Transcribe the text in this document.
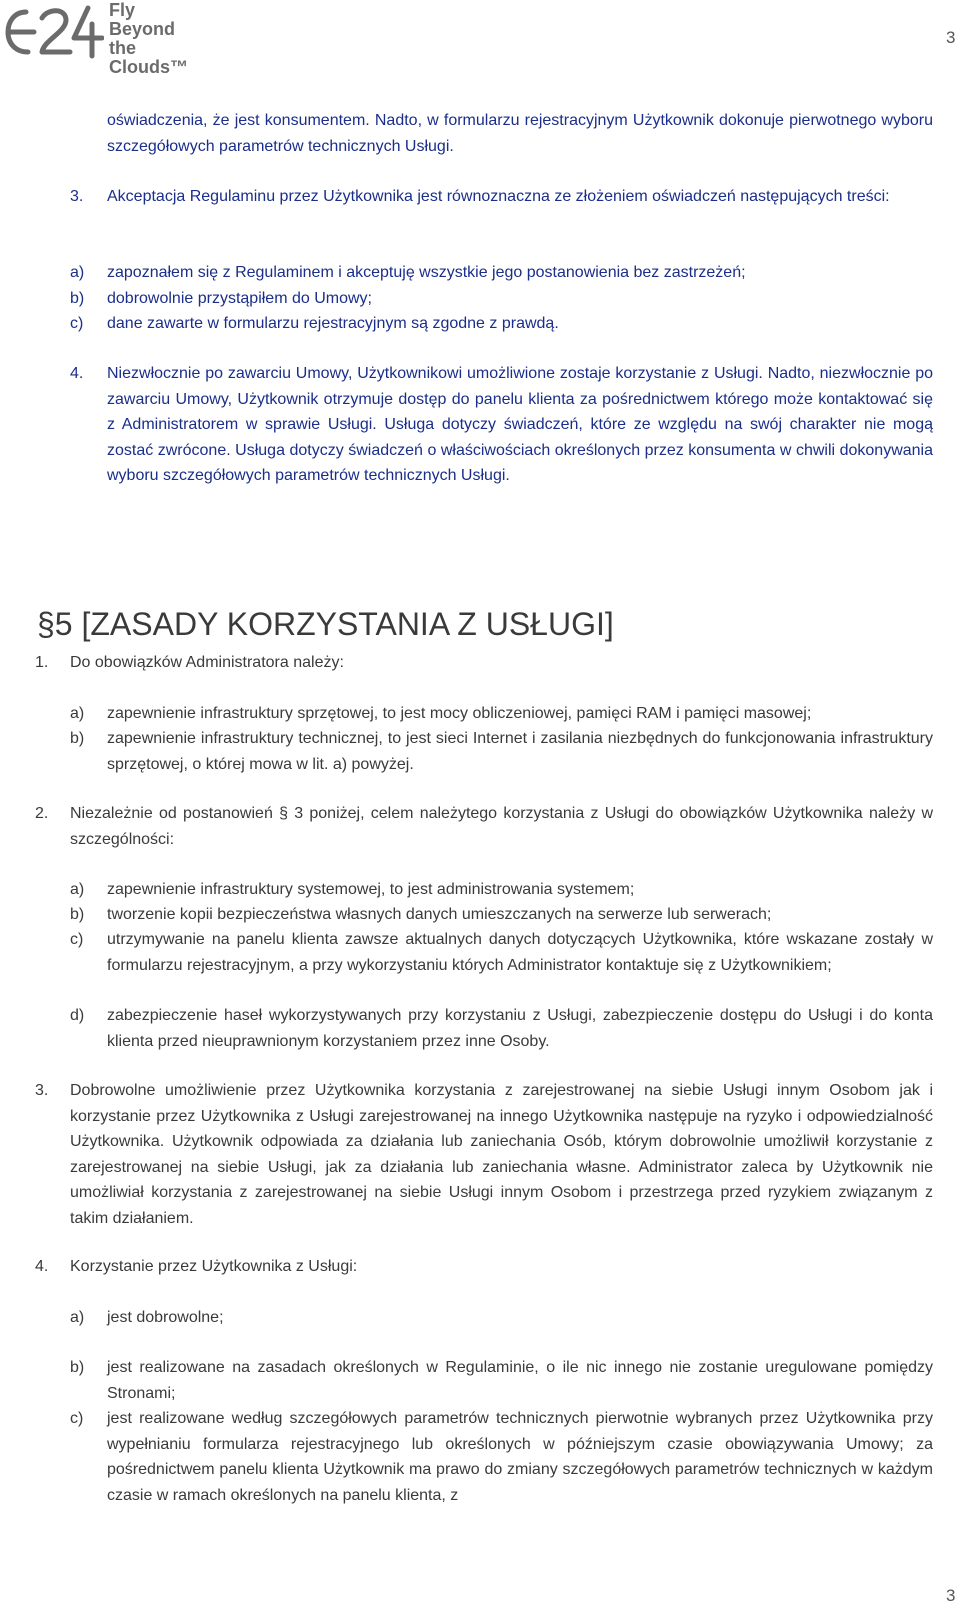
Fly
Beyond
the Clouds™
3
oświadczenia, że jest konsumentem. Nadto, w formularzu rejestracyjnym Użytkownik dokonuje pierwotnego wyboru szczegółowych parametrów technicznych Usługi.
3. Akceptacja Regulaminu przez Użytkownika jest równoznaczna ze złożeniem oświadczeń następujących treści:
a) zapoznałem się z Regulaminem i akceptuję wszystkie jego postanowienia bez zastrzeżeń;
b) dobrowolnie przystąpiłem do Umowy;
c) dane zawarte w formularzu rejestracyjnym są zgodne z prawdą.
4. Niezwłocznie po zawarciu Umowy, Użytkownikowi umożliwione zostaje korzystanie z Usługi. Nadto, niezwłocznie po zawarciu Umowy, Użytkownik otrzymuje dostęp do panelu klienta za pośrednictwem którego może kontaktować się z Administratorem w sprawie Usługi. Usługa dotyczy świadczeń, które ze względu na swój charakter nie mogą zostać zwrócone. Usługa dotyczy świadczeń o właściwościach określonych przez konsumenta w chwili dokonywania wyboru szczegółowych parametrów technicznych Usługi.
§5 [ZASADY KORZYSTANIA Z USŁUGI]
1. Do obowiązków Administratora należy:
a) zapewnienie infrastruktury sprzętowej, to jest mocy obliczeniowej, pamięci RAM i pamięci masowej;
b) zapewnienie infrastruktury technicznej, to jest sieci Internet i zasilania niezbędnych do funkcjonowania infrastruktury sprzętowej, o której mowa w lit. a) powyżej.
2. Niezależnie od postanowień § 3 poniżej, celem należytego korzystania z Usługi do obowiązków Użytkownika należy w szczególności:
a) zapewnienie infrastruktury systemowej, to jest administrowania systemem;
b) tworzenie kopii bezpieczeństwa własnych danych umieszczanych na serwerze lub serwerach;
c) utrzymywanie na panelu klienta zawsze aktualnych danych dotyczących Użytkownika, które wskazane zostały w formularzu rejestracyjnym, a przy wykorzystaniu których Administrator kontaktuje się z Użytkownikiem;
d) zabezpieczenie haseł wykorzystywanych przy korzystaniu z Usługi, zabezpieczenie dostępu do Usługi i do konta klienta przed nieuprawnionym korzystaniem przez inne Osoby.
3. Dobrowolne umożliwienie przez Użytkownika korzystania z zarejestrowanej na siebie Usługi innym Osobom jak i korzystanie przez Użytkownika z Usługi zarejestrowanej na innego Użytkownika następuje na ryzyko i odpowiedzialność Użytkownika. Użytkownik odpowiada za działania lub zaniechania Osób, którym dobrowolnie umożliwił korzystanie z zarejestrowanej na siebie Usługi, jak za działania lub zaniechania własne. Administrator zaleca by Użytkownik nie umożliwiał korzystania z zarejestrowanej na siebie Usługi innym Osobom i przestrzega przed ryzykiem związanym z takim działaniem.
4. Korzystanie przez Użytkownika z Usługi:
a) jest dobrowolne;
b) jest realizowane na zasadach określonych w Regulaminie, o ile nic innego nie zostanie uregulowane pomiędzy Stronami;
c) jest realizowane według szczegółowych parametrów technicznych pierwotnie wybranych przez Użytkownika przy wypełnianiu formularza rejestracyjnego lub określonych w późniejszym czasie obowiązywania Umowy; za pośrednictwem panelu klienta Użytkownik ma prawo do zmiany szczegółowych parametrów technicznych w każdym czasie w ramach określonych na panelu klienta, z
3
